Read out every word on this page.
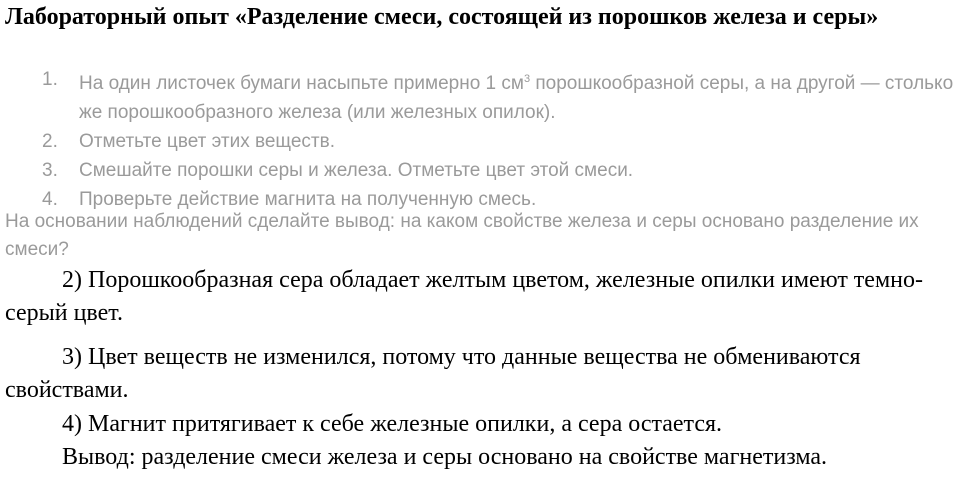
Лабораторный опыт «Разделение смеси, состоящей из порошков железа и серы»
1. На один листочек бумаги насыпьте примерно 1 $см^3$ порошкообразной серы, а на другой — столько же порошкообразного железа (или железных опилок).
2. Отметьте цвет этих веществ.
3. Смешайте порошки серы и железа. Отметьте цвет этой смеси.
4. Проверьте действие магнита на полученную смесь.

На основании наблюдений сделайте вывод: на каком свойстве железа и серы основано разделение их смеси?

2) Порошкообразная сера обладает желтым цветом, железные опилки имеют темно-серый цвет.

3) Цвет веществ не изменился, потому что данные вещества не обмениваются свойствами.

4) Магнит притягивает к себе железные опилки, а сера остается.

Вывод: разделение смеси железа и серы основано на свойстве магнетизма.
